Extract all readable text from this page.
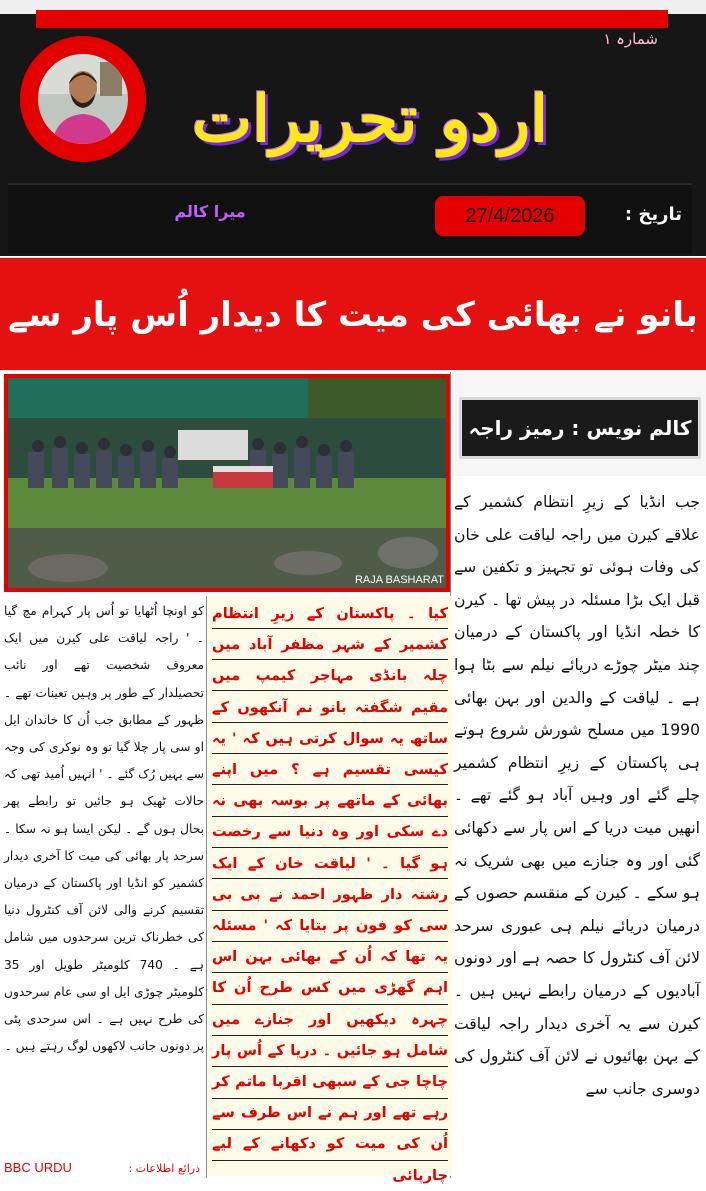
شمارہ ۱
اردو تحریرات
میرا کالم	27/4/2026	تاریخ :
بانو نے بھائی کی میت کا دیدار اُس پار سے
RAJA BASHARAT
کالم نویس : رمیز راجہ
جب انڈیا کے زیرِ انتظام کشمیر کے علاقے کیرن میں راجہ لیاقت علی خان کی وفات ہوئی تو تجہیز و تکفین سے قبل ایک بڑا مسئلہ در پیش تھا ۔ کیرن کا خطہ انڈیا اور پاکستان کے درمیان چند میٹر چوڑے دریائے نیلم سے بٹا ہوا ہے ۔ لیاقت کے والدین اور بہن بھائی 1990 میں مسلح شورش شروع ہوتے ہی پاکستان کے زیرِ انتظام کشمیر چلے گئے اور وہیں آباد ہو گئے تھے ۔ انھیں میت دریا کے اس پار سے دکھائی گئی اور وہ جنازے میں بھی شریک نہ ہو سکے ۔ کیرن کے منقسم حصوں کے درمیان دریائے نیلم ہی عبوری سرحد لائن آف کنٹرول کا حصہ ہے اور دونوں آبادیوں کے درمیان رابطے نہیں ہیں ۔ کیرن سے یہ آخری دیدار راجہ لیاقت کے بہن بھائیوں نے لائن آف کنٹرول کی دوسری جانب سے
کیا ۔ پاکستان کے زیرِ انتظام کشمیر کے شہر مظفر آباد میں چلہ بانڈی مہاجر کیمپ میں مقیم شگفتہ بانو نم آنکھوں کے ساتھ یہ سوال کرتی ہیں کہ ' یہ کیسی تقسیم ہے ؟ میں اپنے بھائی کے ماتھے پر بوسہ بھی نہ دے سکی اور وہ دنیا سے رخصت ہو گیا ۔ ' لیاقت خان کے ایک رشتہ دار ظہور احمد نے بی بی سی کو فون پر بتایا کہ ' مسئلہ یہ تھا کہ اُن کے بھائی بہن اس اہم گھڑی میں کس طرح اُن کا چہرہ دیکھیں اور جنازے میں شامل ہو جائیں ۔ دریا کے اُس پار چاچا جی کے سبھی اقربا ماتم کر رہے تھے اور ہم نے اس طرف سے اُن کی میت کو دکھانے کے لیے چارپائی
کو اونچا اُٹھایا تو اُس پار کہرام مچ گیا ۔ ' راجہ لیاقت علی کیرن میں ایک معروف شخصیت تھے اور نائب تحصیلدار کے طور پر وہیں تعینات تھے ۔ ظہور کے مطابق جب اُن کا خاندان ایل او سی پار چلا گیا تو وہ نوکری کی وجہ سے یہیں رُک گئے ۔ ' انہیں اُمید تھی کہ حالات ٹھیک ہو جائیں تو رابطے پھر بحال ہوں گے ۔ لیکن ایسا ہو نہ سکا ۔ سرحد پار بھائی کی میت کا آخری دیدار کشمیر کو انڈیا اور پاکستان کے درمیان تقسیم کرنے والی لائن آف کنٹرول دنیا کی خطرناک ترین سرحدوں میں شامل ہے ۔ 740 کلومیٹر طویل اور 35 کلومیٹر چوڑی ایل او سی عام سرحدوں کی طرح نہیں ہے ۔ اس سرحدی پٹی پر دونوں جانب لاکھوں لوگ رہتے ہیں ۔
ذرائع اطلاعات :
BBC URDU
